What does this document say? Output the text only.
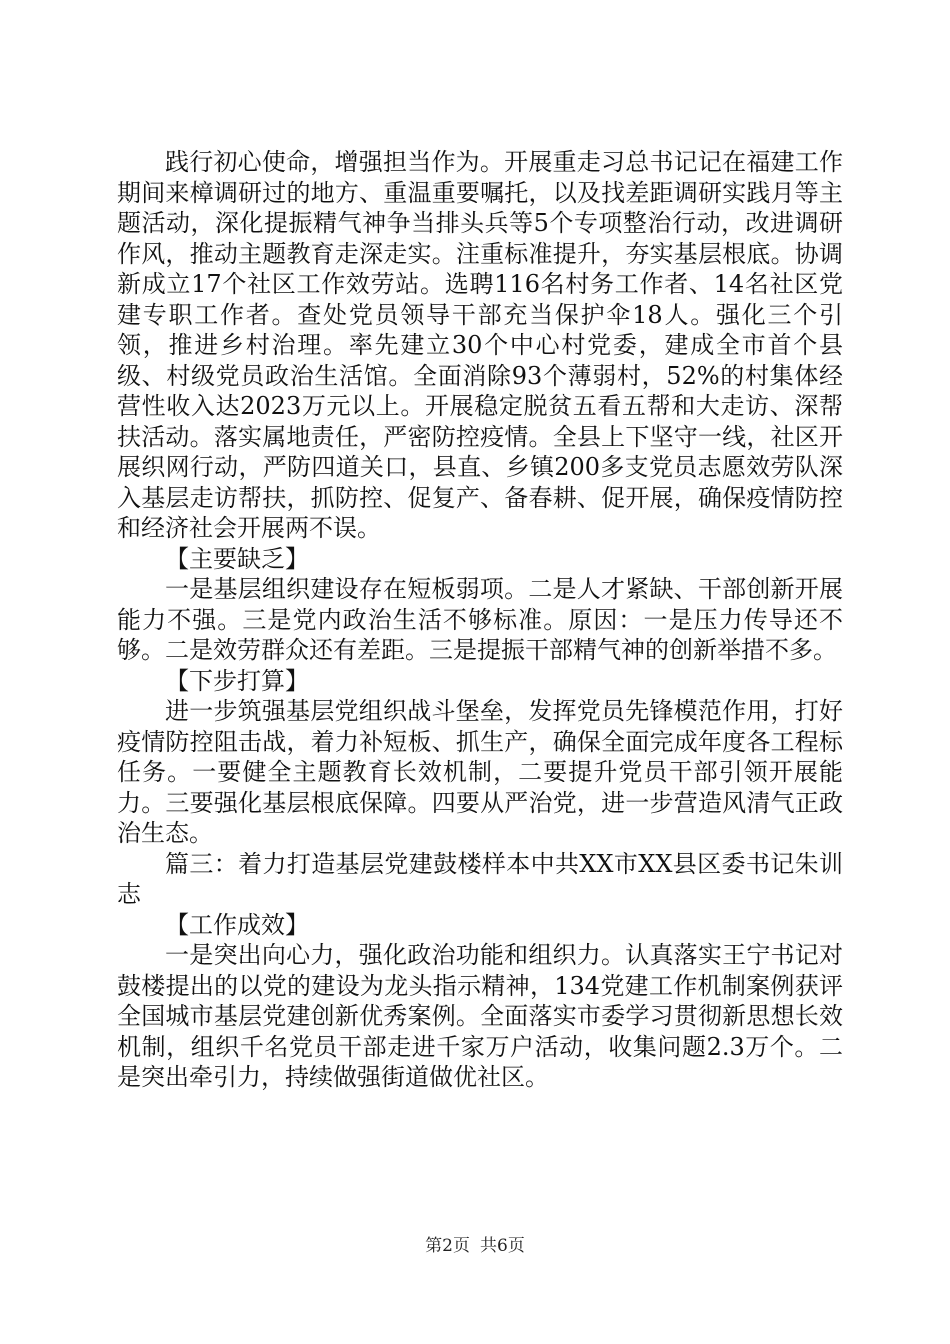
践行初心使命，增强担当作为。开展重走习总书记记在福建工作期间来樟调研过的地方、重温重要嘱托，以及找差距调研实践月等主题活动，深化提振精气神争当排头兵等5个专项整治行动，改进调研作风，推动主题教育走深走实。注重标准提升，夯实基层根底。协调新成立17个社区工作效劳站。选聘116名村务工作者、14名社区党建专职工作者。查处党员领导干部充当保护伞18人。强化三个引领，推进乡村治理。率先建立30个中心村党委，建成全市首个县级、村级党员政治生活馆。全面消除93个薄弱村，52%的村集体经营性收入达2023万元以上。开展稳定脱贫五看五帮和大走访、深帮扶活动。落实属地责任，严密防控疫情。全县上下坚守一线，社区开展织网行动，严防四道关口，县直、乡镇200多支党员志愿效劳队深入基层走访帮扶，抓防控、促复产、备春耕、促开展，确保疫情防控和经济社会开展两不误。

【主要缺乏】

一是基层组织建设存在短板弱项。二是人才紧缺、干部创新开展能力不强。三是党内政治生活不够标准。原因：一是压力传导还不够。二是效劳群众还有差距。三是提振干部精气神的创新举措不多。

【下步打算】

进一步筑强基层党组织战斗堡垒，发挥党员先锋模范作用，打好疫情防控阻击战，着力补短板、抓生产，确保全面完成年度各工程标任务。一要健全主题教育长效机制，二要提升党员干部引领开展能力。三要强化基层根底保障。四要从严治党，进一步营造风清气正政治生态。

篇三：着力打造基层党建鼓楼样本中共XX市XX县区委书记朱训志

【工作成效】

一是突出向心力，强化政治功能和组织力。认真落实王宁书记对鼓楼提出的以党的建设为龙头指示精神，134党建工作机制案例获评全国城市基层党建创新优秀案例。全面落实市委学习贯彻新思想长效机制，组织千名党员干部走进千家万户活动，收集问题2.3万个。二是突出牵引力，持续做强街道做优社区。

第2页 共6页
